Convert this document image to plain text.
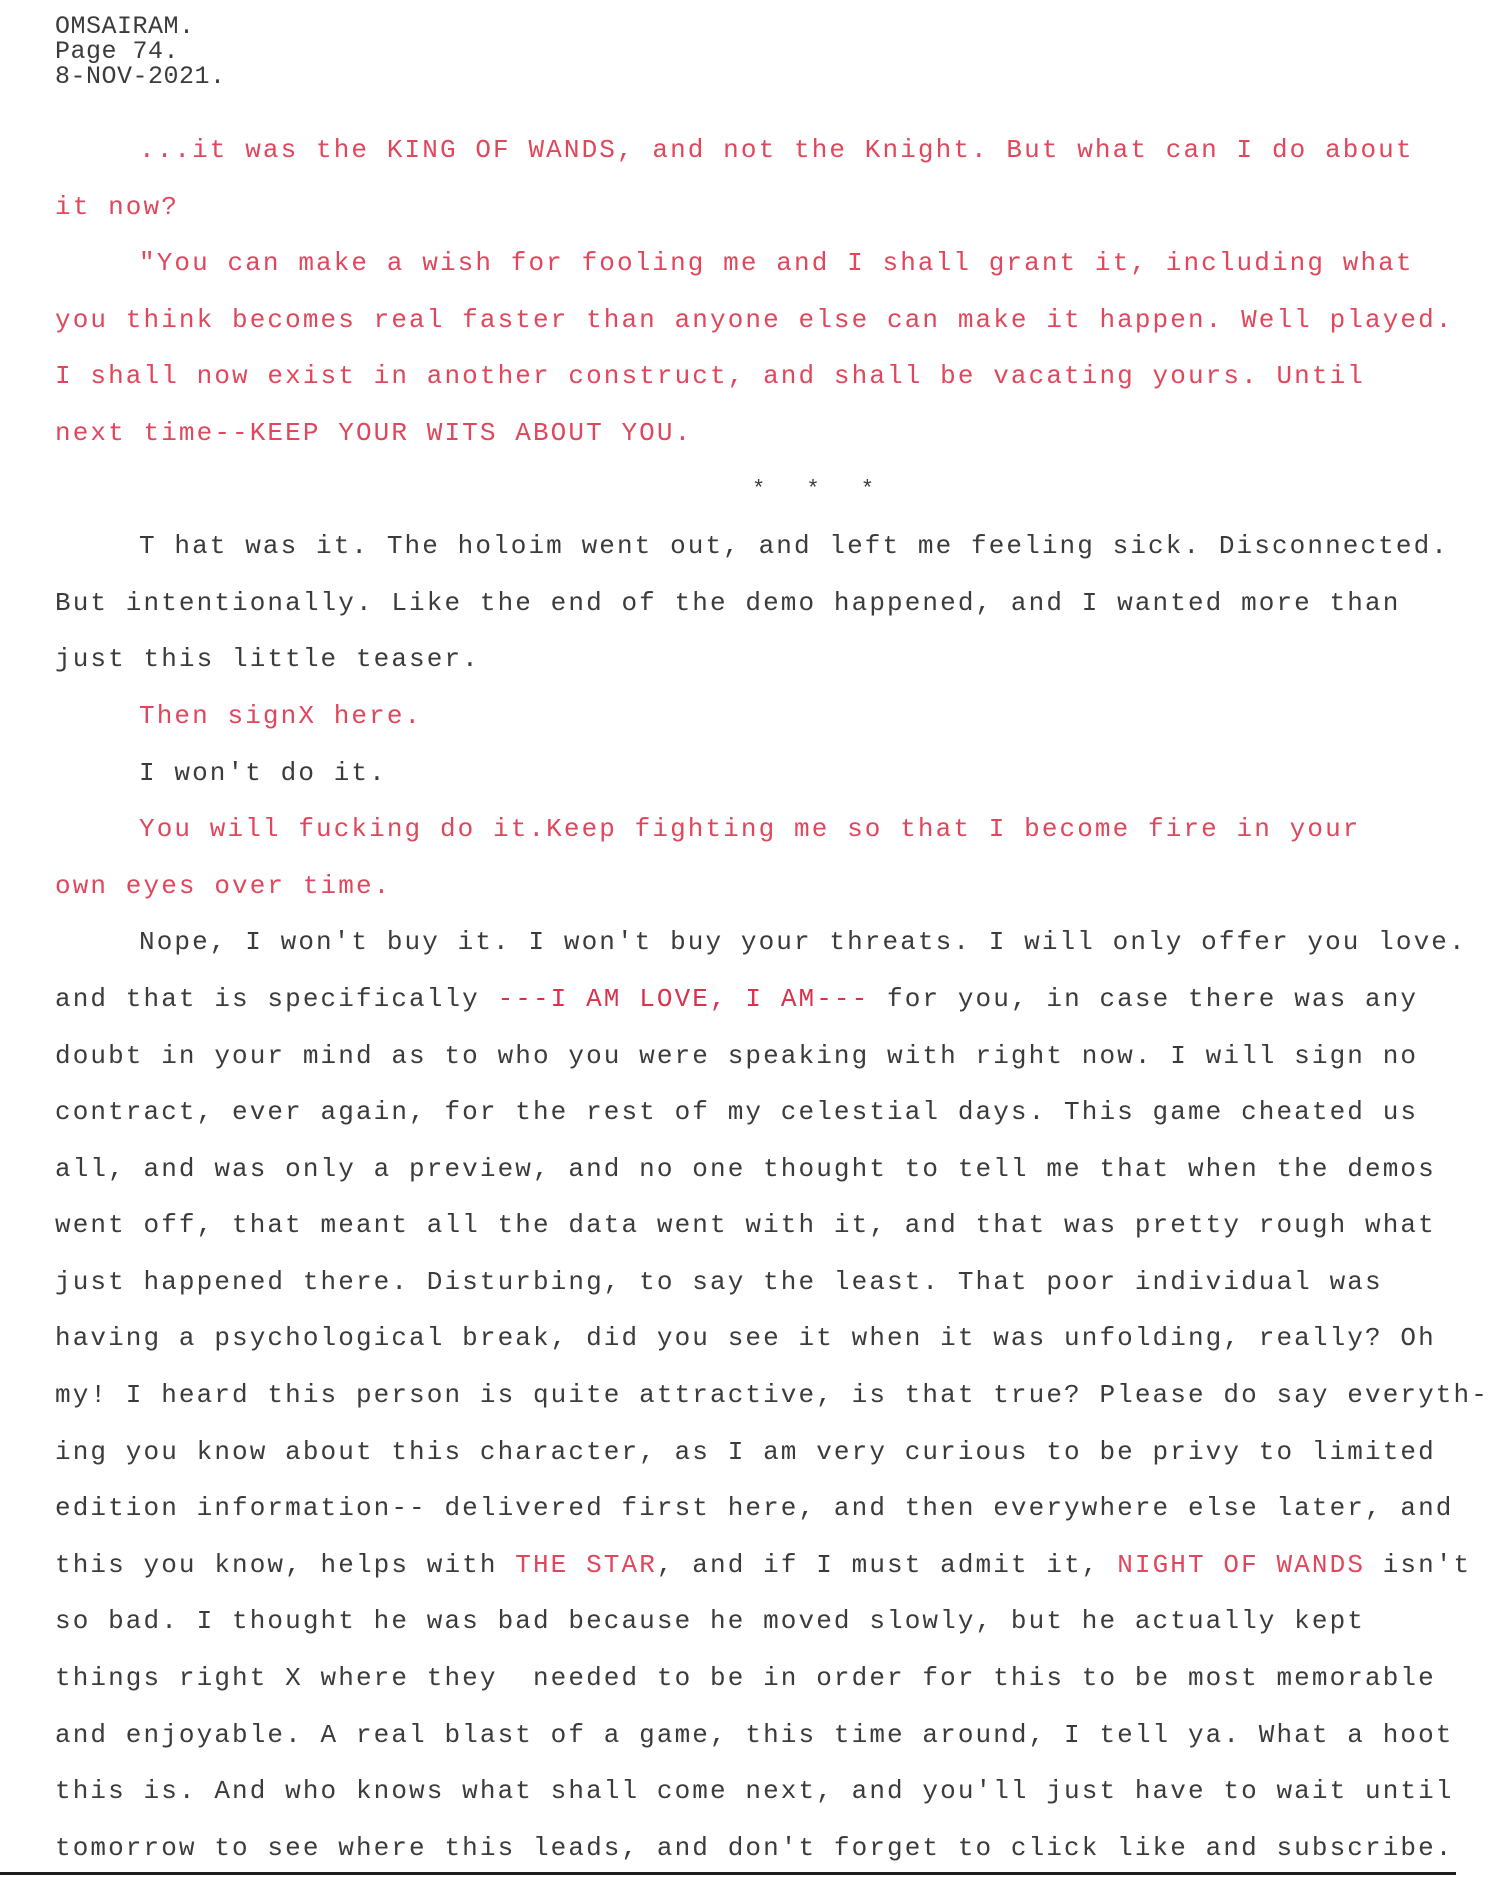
OMSAIRAM.
Page 74.
8-NOV-2021.
...it was the KING OF WANDS, and not the Knight. But what can I do about
it now?
"You can make a wish for fooling me and I shall grant it, including what
you think becomes real faster than anyone else can make it happen. Well played.
I shall now exist in another construct, and shall be vacating yours. Until
next time--KEEP YOUR WITS ABOUT YOU.
* * *
T hat was it. The holoim went out, and left me feeling sick. Disconnected.
But intentionally. Like the end of the demo happened, and I wanted more than
just this little teaser.
Then signX here.
I won't do it.
You will fucking do it.Keep fighting me so that I become fire in your
own eyes over time.
Nope, I won't buy it. I won't buy your threats. I will only offer you love.
and that is specifically ---I AM LOVE, I AM--- for you, in case there was any
doubt in your mind as to who you were speaking with right now. I will sign no
contract, ever again, for the rest of my celestial days. This game cheated us
all, and was only a preview, and no one thought to tell me that when the demos
went off, that meant all the data went with it, and that was pretty rough what
just happened there. Disturbing, to say the least. That poor individual was
having a psychological break, did you see it when it was unfolding, really? Oh
my! I heard this person is quite attractive, is that true? Please do say everyth-
ing you know about this character, as I am very curious to be privy to limited
edition information-- delivered first here, and then everywhere else later, and
this you know, helps with THE STAR, and if I must admit it, NIGHT OF WANDS isn't
so bad. I thought he was bad because he moved slowly, but he actually kept
things right X where they  needed to be in order for this to be most memorable
and enjoyable. A real blast of a game, this time around, I tell ya. What a hoot
this is. And who knows what shall come next, and you'll just have to wait until
tomorrow to see where this leads, and don't forget to click like and subscribe.
